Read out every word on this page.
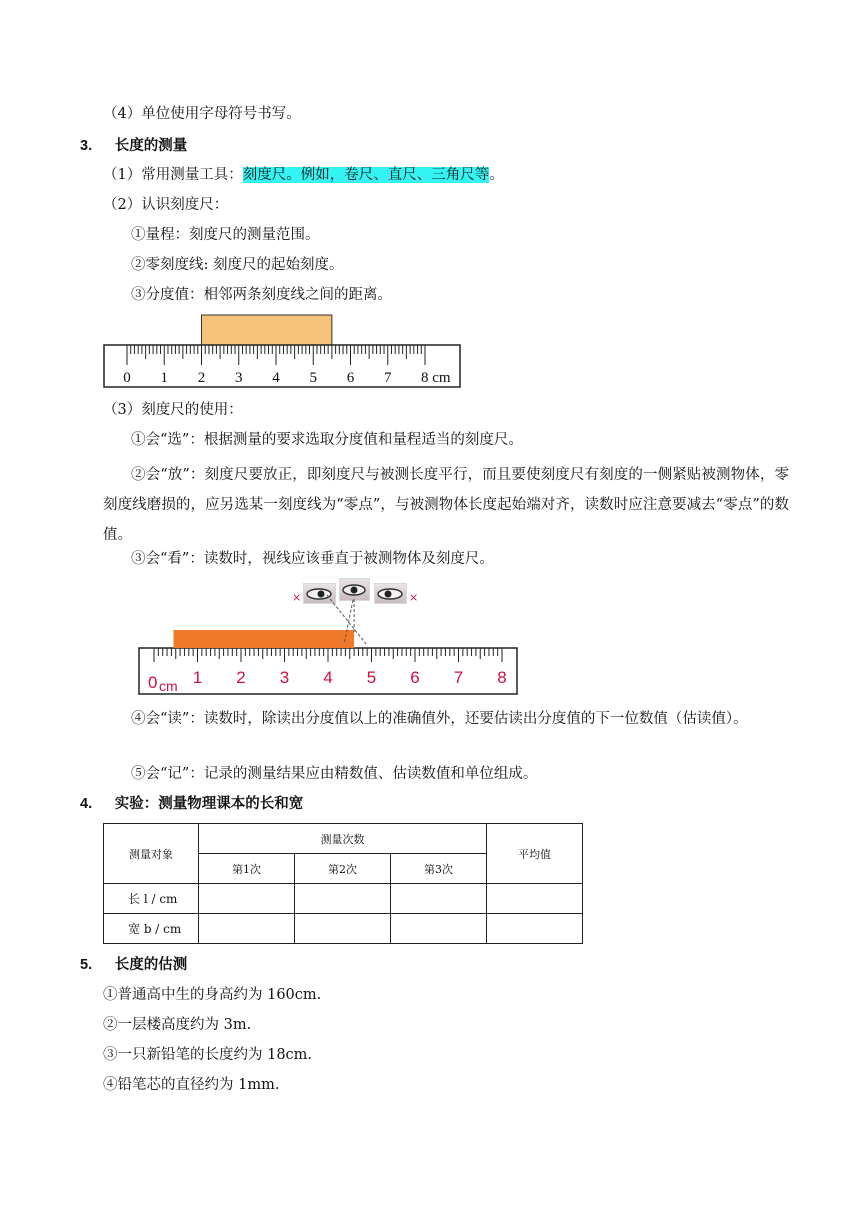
（4）单位使用字母符号书写。
3. 长度的测量
（1）常用测量工具：刻度尺。例如，卷尺、直尺、三角尺等。
（2）认识刻度尺：
①量程：刻度尺的测量范围。
②零刻度线: 刻度尺的起始刻度。
③分度值：相邻两条刻度线之间的距离。
0 1 2 3 4 5 6 7 8 cm
（3）刻度尺的使用：
①会“选”：根据测量的要求选取分度值和量程适当的刻度尺。
②会“放”：刻度尺要放正，即刻度尺与被测长度平行，而且要使刻度尺有刻度的一侧紧贴被测物体，零刻度线磨损的，应另选某一刻度线为“零点”，与被测物体长度起始端对齐，读数时应注意要减去“零点”的数值。
③会“看”：读数时，视线应该垂直于被测物体及刻度尺。
0 cm 1 2 3 4 5 6 7 8
×	×
④会“读”：读数时，除读出分度值以上的准确值外，还要估读出分度值的下一位数值（估读值）。
⑤会“记”：记录的测量结果应由精数值、估读数值和单位组成。
4. 实验：测量物理课本的长和宽
测量对象	测量次数			平均值
	第1次	第2次	第3次	
长 l / cm				
宽 b / cm				
5. 长度的估测
①普通高中生的身高约为 160cm.
②一层楼高度约为 3m.
③一只新铅笔的长度约为 18cm.
④铅笔芯的直径约为 1mm.
